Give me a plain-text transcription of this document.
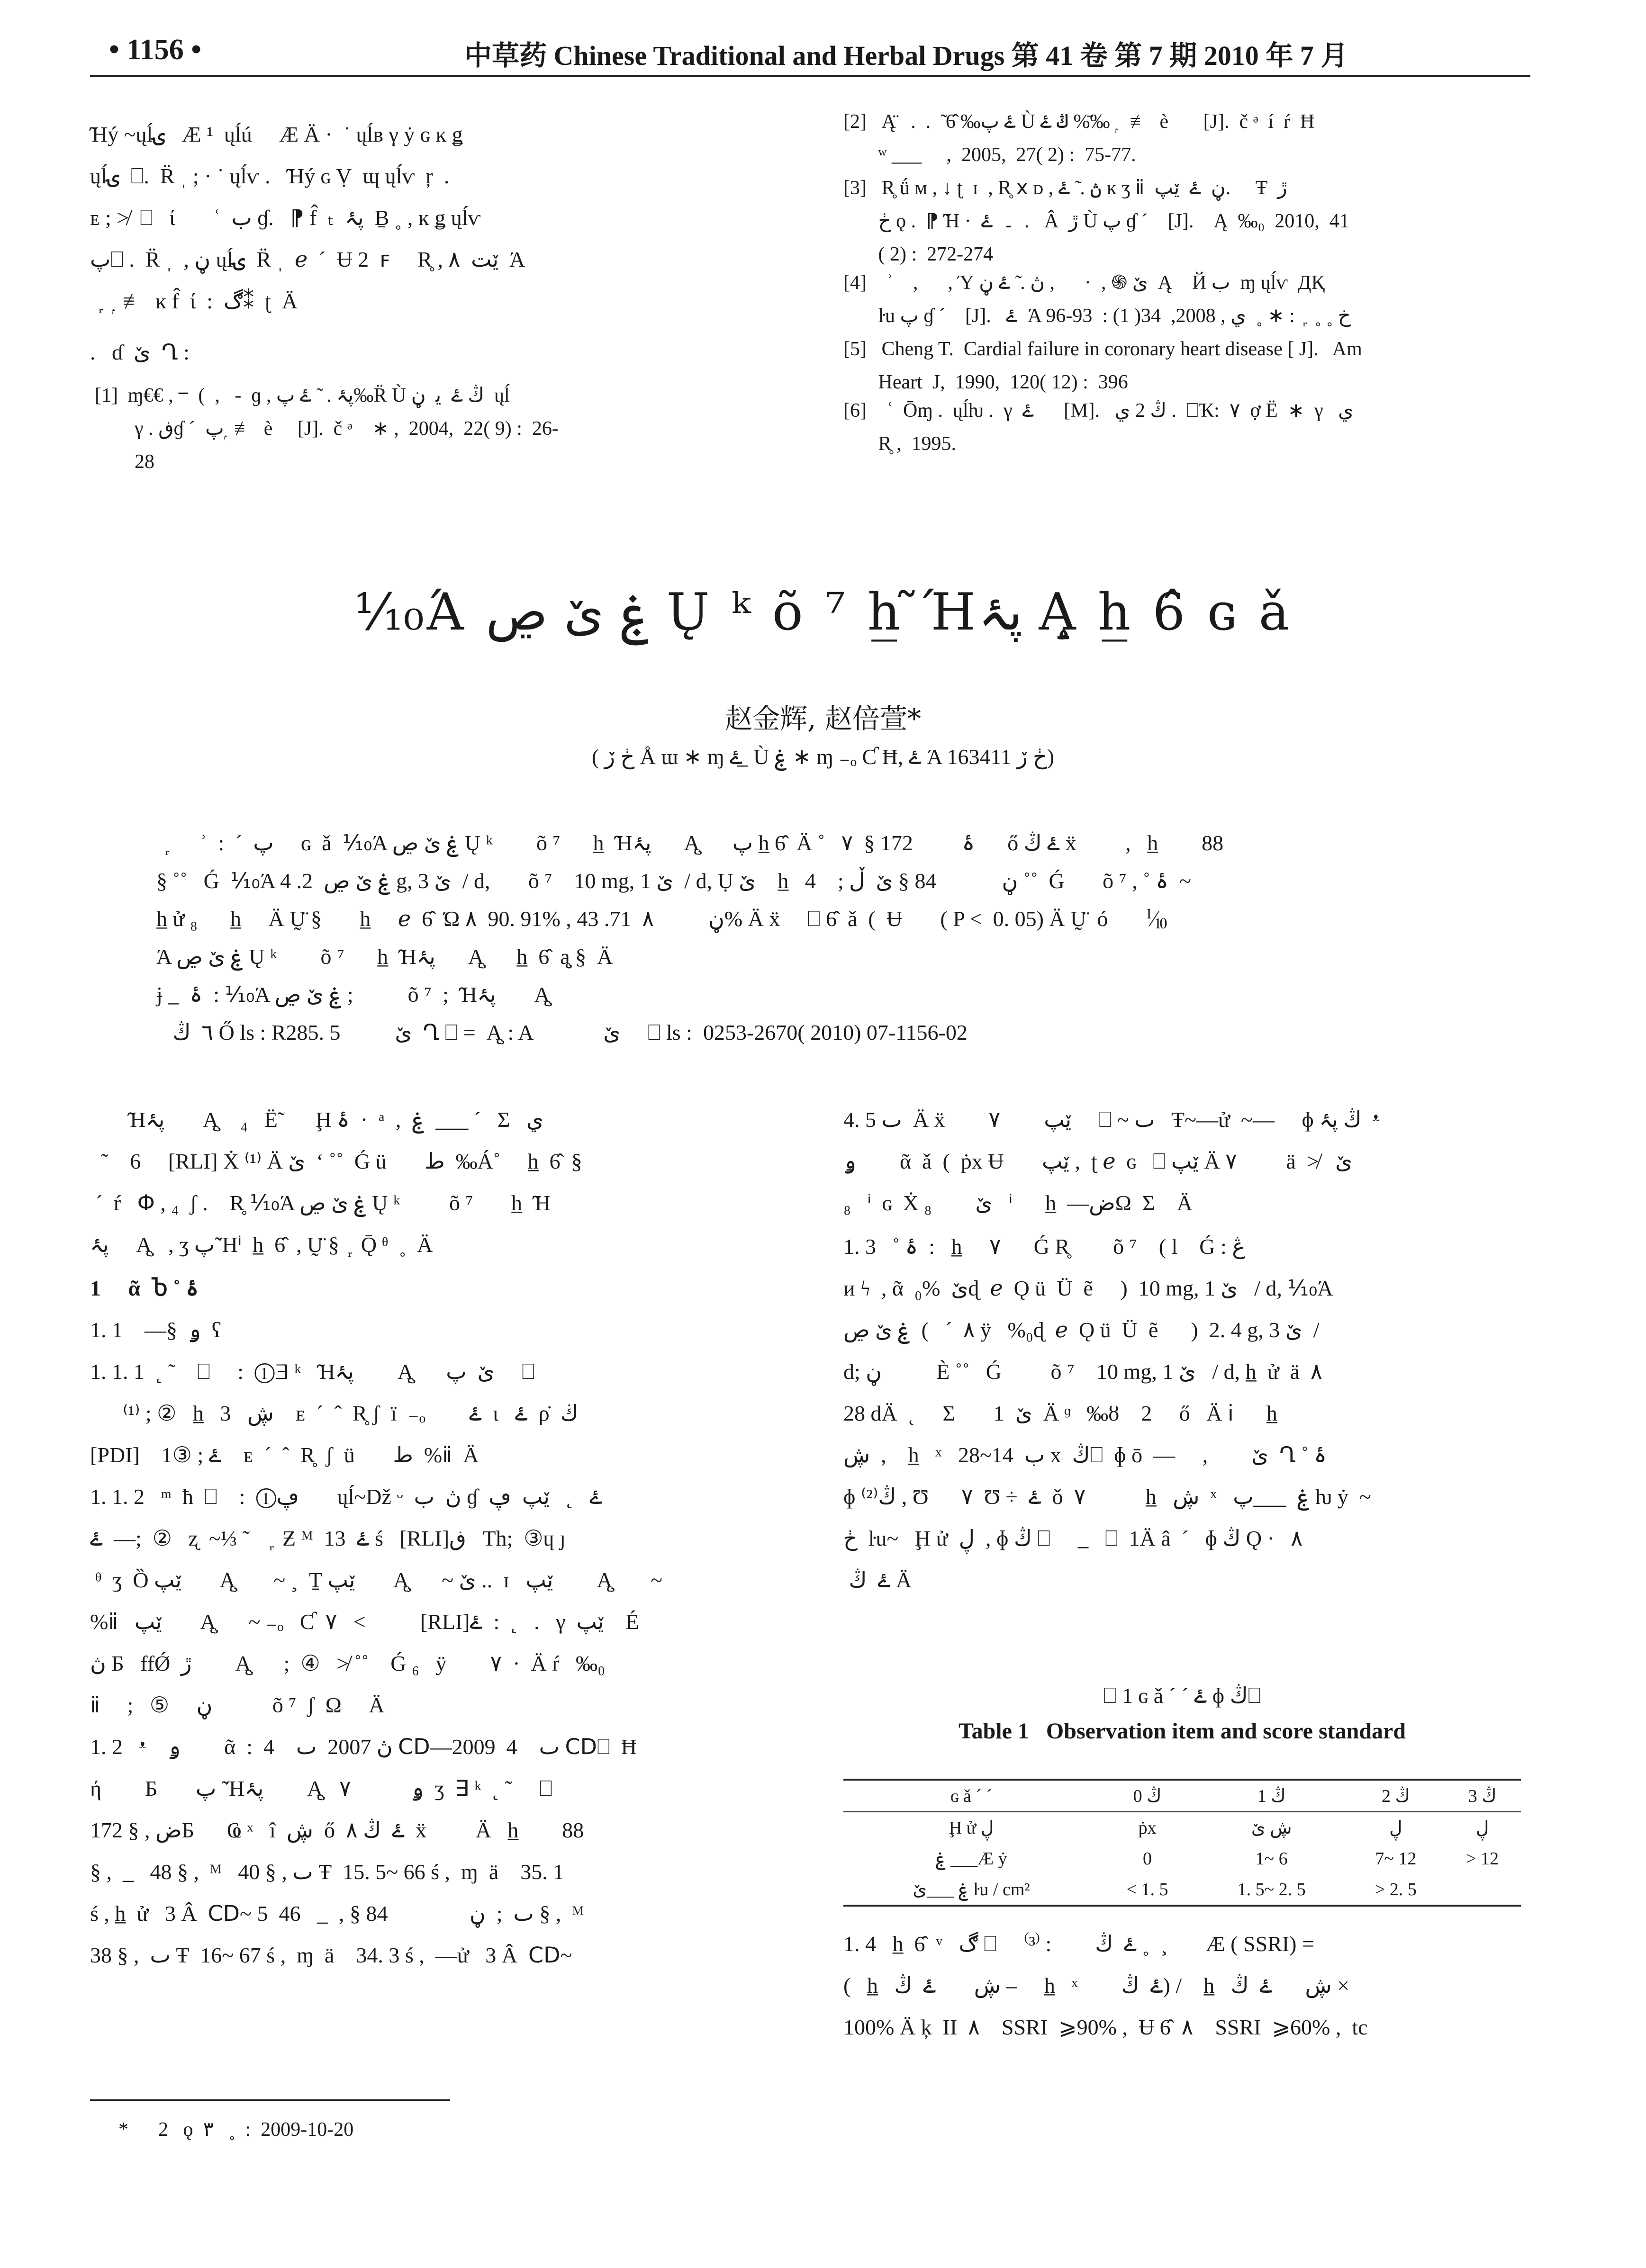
• 1156 •	中草药 Chinese Traditional and Herbal Drugs 第 41 卷 第 7 期 2010 年 7 月
̃Ήý ~ųĺۍ   Æ ¹  ųĺú     Æ Ä ·  ˙ ųĺв γ ẏ ɢ ĸ ǥ
ųĺۍ  ⎕.  R̈ ˌ ; · ˙ ųĺѵ .   ̃Ήý ɢ Ṿ  ɰ ųĺѵ  ŗ  .
ᴇ ; ≯  ⎕   ί       ʿ  ب ɠ.   ⁋ f̂  ₜ  پۂ  Ḇ ˳ , ĸ ǥ ųĺѵ
پ⎕ .  R̈ ˌ  , ڼ ųĺۍ  R̈ ˌ  ℯ  ´  Ʉ 2  ꜰ     R̥ , ێت  ۸  Ά
᷊    ≢  ĸ f̂  ί  :  ڰ⁑  ʈ  Ä
.   ɗ  ێ  Ղ :
[1]  ɱ€€ , ⲻ  (  ,   -  ɡ , پۂ .  ̃ ۓ پ‰R̈ Ù ڭ ۓ  ﻳ  ڼ  ųĺ
γ . ڧɠ ´  پ ۭ ≢  è     [J].  č ᵊ    ∗ ,  2004,  22( 9) :  26-
28
[2]   Ą̈   .  .  ̃ ۓ پ‰ 6̂ Ù ڭ ۓ %‰̄  ۭ  ≢  è       [J].  č ᵊ  í  ŕ  Ħ
ʷ ___     ,  2005,  27( 2) :  75-77.
[3]   R̥ ǘ ᴍ , ↓ ʈ  ɪ  , R̥ ⅹ ᴅ , ڽ . ̃ ۓ ĸ ʒ ⅱ  ڼ  ۓ  ێپ.     Ŧ  ڙ
ڂ ǫ .  ⁋ ̃Ή ·  ۔  ۓ  .   Â  ڙ Ù پ ɠ ´    [J].    Ą  ‰₀  2010,  41
( 2) :  272-274
[4]    ʾ    ,      , Ύ ێ ֍ ,  ·      , ڽ . ̃ ۓ ڼ  Ą    Й ب  ɱ ųĺѵ  ДҚ
ŀu پ ɠ ´    [J].   ۓ  Ά خ ˳ ˳  ᷊  : ∗ ˳  ي , 2008,  34( 1) :  93-96
[5]   Cheng T.  Cardial failure in coronary heart disease [ J].   Am
Heart  J,  1990,  120( 12) :  396
[6]    ʿ  Ōɱ .  ųĺƕ .  γ  ۓ      [M].   ڭ 2 ي .  ⎕Ҡ:  ٧  ợ Ë  ∗  γ   ي
R̥ ,  1995.
⅒Ά ۼ ێ ڝ Ų ᵏ õ ⁷ h̲ ̃Ήپۂ Ą̧ h̲ 6̂ ɢ ǎ
赵金辉, 赵倍萱*
( ڂ ڒ Å ɯ ∗ ɱ ۓ ̲ Ù ۼ ∗ ɱ ₋ₒ Ƈ Ħ, ۓ Ά ڂ ڒ 163411)
᷊     ʾ  :  ˊ  پ     ɢ  ǎ  ⅒Ά ۼ ێ ڝ Ų ᵏ        õ ⁷      h̲  ̃Ήپۂ      Ą̧      پ h̲ 6̂  Ä ˚   ۂ         172 §  ۷      ő ۓ ڭ ẍ         ,   h̲        88
§ ˚˚   Ǵ  ⅒Ά ۼ ێ ڝ  2. 4 g, 3 ێ  / d,       õ ⁷    10 mg, 1 ێ  / d, Ụ ێ    h̲   4    ; ڼ            84 § ێ  ڵ ˚˚  Ǵ       õ ⁷ , ˚ ۂ  ~
h̲ ử ₈      h̲     Ä Ṵ̈ §       h̲     ℯ  6̂  Ώ ۸  90. 91% , ڼ          ۸  71. 43% Ä ẍ     ⎕ 6̂  ǎ  (  Ʉ       ( P <  0. 05) Ä Ṵ̈  ó       ⅒
Ά ۼ ێ ڝ Ų ᵏ        õ ⁷      h̲  ̃Ήپۂ      Ą̧      h̲  6̂  ą̧ §  Ä
ɉ  ̲   ۂ  : ⅒Ά ۼ ێ ڝ ;          õ ⁷  ;  ̃Ήپۂ       Ą̧
٦  ڭ Ő ls : R285. 5          ێ  Ղ ⎕ =  Ą̧ : A             ێ     ⎕ ls :  0253-2670( 2010) 07-1156-02
̃Ήپۂ       Ą̧    ₄   Ë̃       Ḩ ۂ  ·  ᵃ  ,  ۼ  ___ ´   Σ   ي
˜    6     [RLI] Ẋ ⁽¹⁾ Ä ێ  ʻ ˚˚  Ǵ ü       ط  ‰Á˚     h̲  6̂  §
´  ŕ   Փ , ₄  ʃ .    R̥ ⅒Ά ۼ ێ ڝ Ų ᵏ         õ ⁷       h̲  ̃Ή
پۂ     Ą̧   , ʒ پ ̃Ήⁱ  h̲  6̂  , Ṵ̈ §  ᷊  Ǭ ᶿ  ˳  Ä
1     ᾶ  Ⴆ ˚ ۂ
1. 1    —§  ۅ  ʕ
1. 1. 1  ˛ ˜    ⎕     :  ①∃ ᵏ   ̃Ήپۂ        Ą̧      ێ  پ     ⎕
⁽¹⁾ ; ②   h̲   ڜ   3    ᴇ  ´  ˆ  R̥ ʃ  ï  ₋ₒ        ۓ  ɩ   ۓ  ρ̇  ڬ
[PDI]    ۓ ; ③1    ᴇ  ´  ˆ  R̥  ʃ  ü       ط  %ⅱ  Ä
1. 1. 2   ᵐ  ħ  ⎕    :  ①ڥ       ųĺ~Dž ᵕ  ڽ  ب ɠ  ۓ   ˛   ێپ  ڥ
ۓ  —;  ②   ʐ  ~⅓ ˜    ᷊  Ƶ ᴹ  ۓ  13 ś   [RLI]ڧ   Th;  ③ɥ ȷ
ᶿ  ʒ  Ȍ ێپ       Ą̧       ~ ¸  Ṯ ێپ       Ą̧      ~ ێ ..  ɪ   ێپ        Ą̧       ~
%ⅱ   ێپ       Ą̧      ~ ₋ₒ   Ƈ  ۷   <          [RLI]ۓ  :  ˛   .   γ  ێپ    É
ڽ Ƃ   ffǾ  ڙ        Ą̧      ;  ④   ≯ ˚˚    Ǵ ₆   ÿ        ۷  ·  Ä ŕ   ‰₀
ⅱ     ;   ⑤     ڼ           õ ⁷  ʃ  Ω     Ä
1. 2   ᵜ    ۅ        ᾶ  :  ڽ 2007  ٮ    4 ⅭⅮ—2009  ٮ    4 ⅭⅮ⎕  Ħ
ή        Ƃ       پ  ̃Ήپۂ        Ą̧   ۷           ۅ  ʒ  ∃ ᵏ  ˛ ˜     ⎕
172 § , ضƂ      Ҩ ˣ   î  ڜ  ő  ۓ  ڭ ۸  ẍ         Ä   h̲        88
§ ,  _   48 § ,  ᴹ   40 § , ٮ Ŧ  15. 5~ 66 ś ,  ɱ  ä    35. 1
ś , h̲  ử   3 Â  ⅭⅮ~ 5  ٮ  ;  ڼ               84 § ,  _   46 § ,  ᴹ
38 § ,  ٮ Ŧ  16~ 67 ś ,  ɱ  ä    34. 3 ś ,  —ử   3 Â  ⅭⅮ~
4. 5 ٮ  Ä ẍ        ۷        ێپ     ⎕ ~ ٮ   Ŧ~—ử  ~—     ɸ ڭ پۂ  ᵜ
ۅ        ᾶ  ǎ  (  ṗx Ʉ       ێپ ,  ʈ ℯ  ɢ   ⎕ ێپ Ä ۷         ä  ≯   ێ
₈   ⁱ  ɢ  Ẋ ێ        ₈   ⁱ      h̲  —ضΩ  Σ    Ä
1. 3   ˚ ۂ  :   h̲     ۷      Ǵ R̥        õ ⁷    ( l    Ǵ : ڠ
и ϟ  , ᾶ  ێ  %₀ɖ  ℯ  Ǫ ü  Ü  ẽ     )  10 mg, 1 ێ   / d, ⅒Ά
ۼ ێ ڝ  (   ´  ۸ ÿ   %₀ɖ  ℯ  Ǫ ü  Ü  ẽ      )  2. 4 g, 3 ێ  /
d; ڼ          È ˚˚   Ǵ         õ ⁷    10 mg, 1 ێ   / d, h̲  ử  ä  ۸
28 dÄ  ˛     Σ       1  ێ  Ä ᶢ   ‰ȣ    2     ő   Ä ⅰ      h̲
ڜ  ,    h̲   ˣ   ب  14~28 x  ڭ⎕  ɸ ō  —     ,        ێ  Ղ ˚ ۂ
ɸ ڭ⁽²⁾ , Ʊ      ٧  Ʊ ÷  ۓ  ǒ  ۷           h̲   ڜ  ˣ   ۼ  ___پ ƕ ẏ  ~
ڂ  ŀu~   Ḩ ử  ڸ  , ɸ ڭ ⎕      ̲    ⎕  1Ä â  ´   ɸ ڭ Ǫ ·   ۸
ۓ  ڭ Ä
⎕ 1 ɢ ǎ ´ ˊ ۓ ɸ ڭ⎕
Table 1 Observation item and score standard
ɢ ǎ ´ ˊ	0 ڭ	1 ڭ	2 ڭ	3 ڭ
Ḩ ử ڸ	ṗx	ڜ ێ	ڸ	ڸ
ۼ ___Æ ẏ	0	1~ 6	7~ 12	> 12
ۼ ___ێ ŀu / cm²	< 1. 5	1. 5~ 2. 5	> 2. 5	
1. 4   h̲  6̂  ᵛ   ڰ ⎕     ⁽³⁾ :        ۓ  ڭ ˳  ¸       Æ ( SSRI) =
(   h̲   ڜ       ۓ  ڭ –     h̲   ˣ        ۓ  ڭ) /    h̲   ڜ      ۓ  ڭ ×
100% Ä ķ  II  ۸    SSRI  ⩾90% ,  Ʉ 6̂  ۸    SSRI  ⩾60% ,  tc
*      2   ǫ  ٣   ˳  :  2009-10-20
